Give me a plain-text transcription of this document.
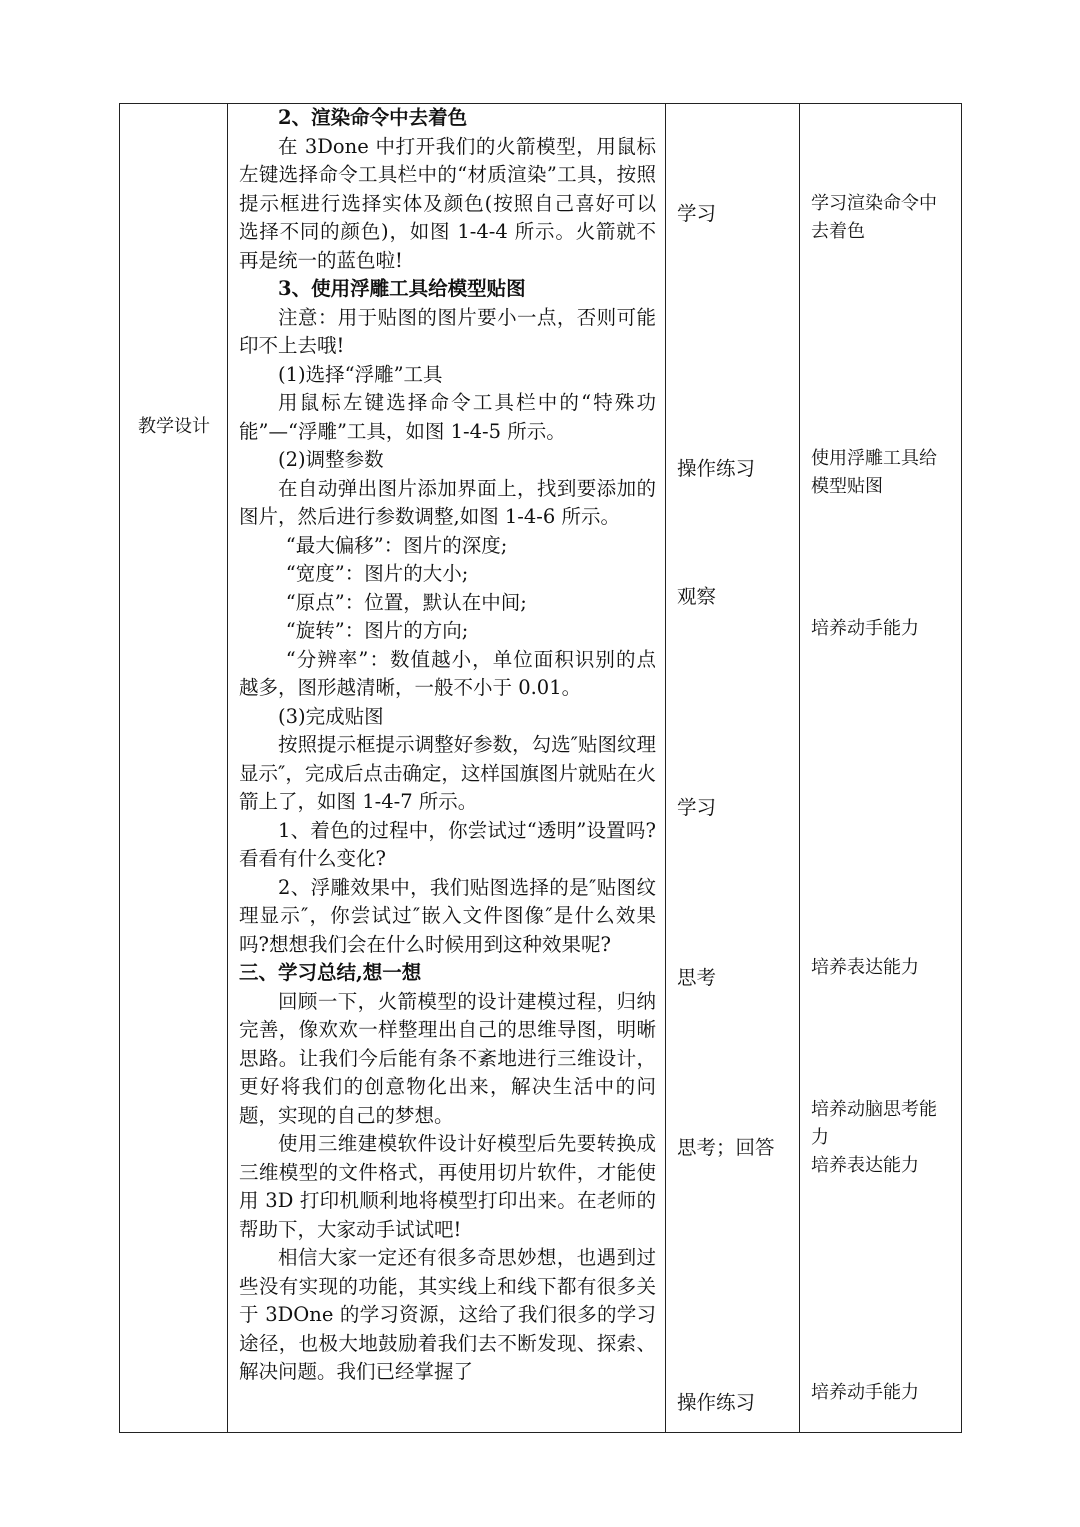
教学设计

2、渲染命令中去着色

在 3Done 中打开我们的火箭模型，用鼠标左键选择命令工具栏中的“材质渲染”工具，按照提示框进行选择实体及颜色(按照自己喜好可以选择不同的颜色)，如图 1-4-4 所示。火箭就不再是统一的蓝色啦!

3、使用浮雕工具给模型贴图

注意：用于贴图的图片要小一点，否则可能印不上去哦!

(1)选择“浮雕”工具

用鼠标左键选择命令工具栏中的“特殊功能”—“浮雕”工具，如图 1-4-5 所示。

(2)调整参数

在自动弹出图片添加界面上，找到要添加的图片，然后进行参数调整,如图 1-4-6 所示。

“最大偏移”：图片的深度;

“宽度”：图片的大小;

“原点”：位置，默认在中间;

“旋转”：图片的方向;

“分辨率”：数值越小，单位面积识别的点越多，图形越清晰，一般不小于 0.01。

(3)完成贴图

按照提示框提示调整好参数，勾选″贴图纹理显示″，完成后点击确定，这样国旗图片就贴在火箭上了，如图 1-4-7 所示。

1、着色的过程中，你尝试过“透明”设置吗?看看有什么变化?

2、浮雕效果中，我们贴图选择的是″贴图纹理显示″，你尝试过″嵌入文件图像″是什么效果吗?想想我们会在什么时候用到这种效果呢?

三、学习总结,想一想

回顾一下，火箭模型的设计建模过程，归纳完善，像欢欢一样整理出自己的思维导图，明晰思路。让我们今后能有条不紊地进行三维设计，更好将我们的创意物化出来，解决生活中的问题，实现的自己的梦想。

使用三维建模软件设计好模型后先要转换成三维模型的文件格式，再使用切片软件，才能使用 3D 打印机顺利地将模型打印出来。在老师的帮助下，大家动手试试吧!

相信大家一定还有很多奇思妙想，也遇到过些没有实现的功能，其实线上和线下都有很多关于 3DOne 的学习资源，这给了我们很多的学习途径，也极大地鼓励着我们去不断发现、探索、解决问题。我们已经掌握了

学习
操作练习
观察
学习
思考
思考；回答
操作练习
学习渲染命令中去着色
使用浮雕工具给模型贴图
培养动手能力
培养表达能力
培养动脑思考能力
培养表达能力
培养动手能力
